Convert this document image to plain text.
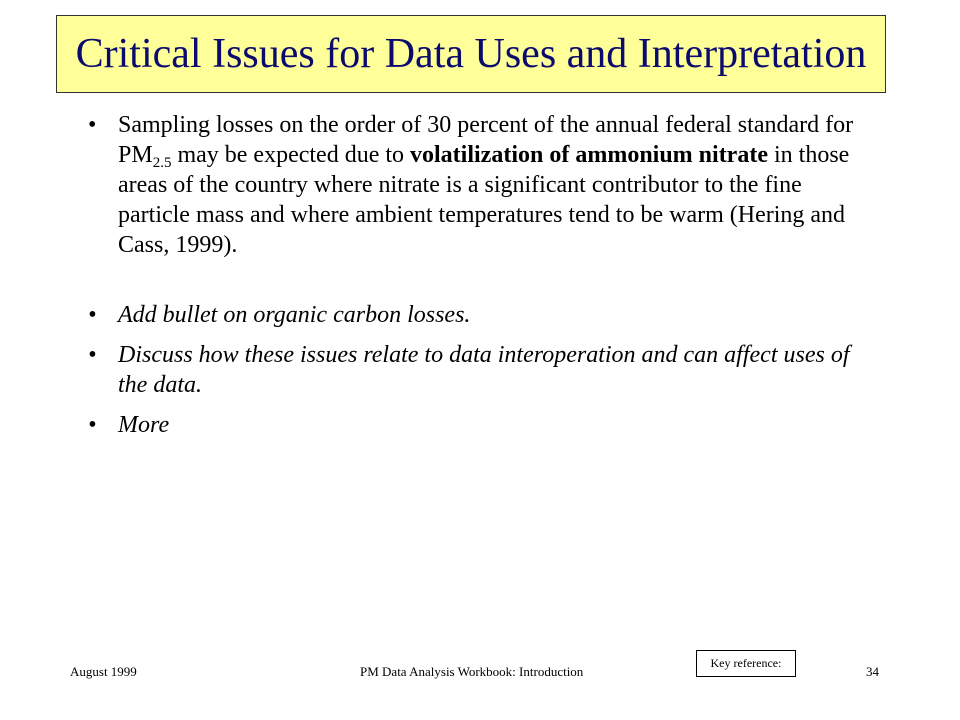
Critical Issues for Data Uses and Interpretation
• Sampling losses on the order of 30 percent of the annual federal standard for $PM_{2.5}$ may be expected due to volatilization of ammonium nitrate in those areas of the country where nitrate is a significant contributor to the fine particle mass and where ambient temperatures tend to be warm (Hering and Cass, 1999).
• Add bullet on organic carbon losses.
• Discuss how these issues relate to data interoperation and can affect uses of the data.
• More
Key reference:
August 1999	PM Data Analysis Workbook: Introduction	34
